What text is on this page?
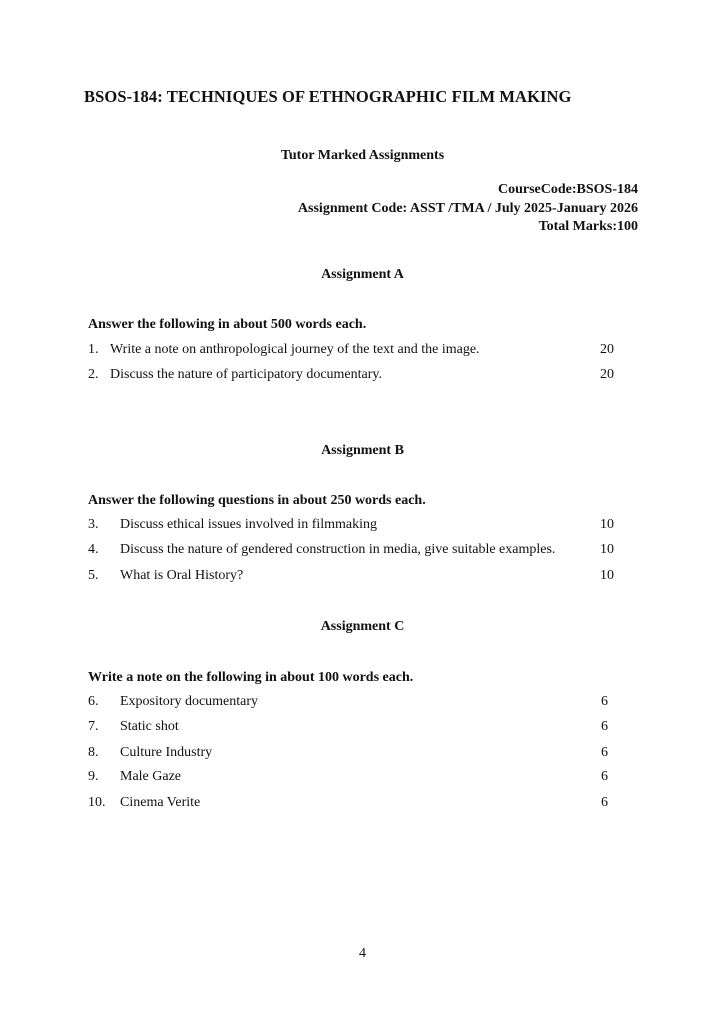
BSOS-184: TECHNIQUES OF ETHNOGRAPHIC FILM MAKING
Tutor Marked Assignments
CourseCode:BSOS-184
Assignment Code: ASST /TMA / July 2025-January 2026
Total Marks:100
Assignment A
Answer the following in about 500 words each.
1. Write a note on anthropological journey of the text and the image.	20
2. Discuss the nature of participatory documentary.	20
Assignment B
Answer the following questions in about 250 words each.
3. Discuss ethical issues involved in filmmaking	10
4. Discuss the nature of gendered construction in media, give suitable examples.	10
5. What is Oral History?	10
Assignment C
Write a note on the following in about 100 words each.
6. Expository documentary	6
7. Static shot	6
8. Culture Industry	6
9. Male Gaze	6
10. Cinema Verite	6
4
